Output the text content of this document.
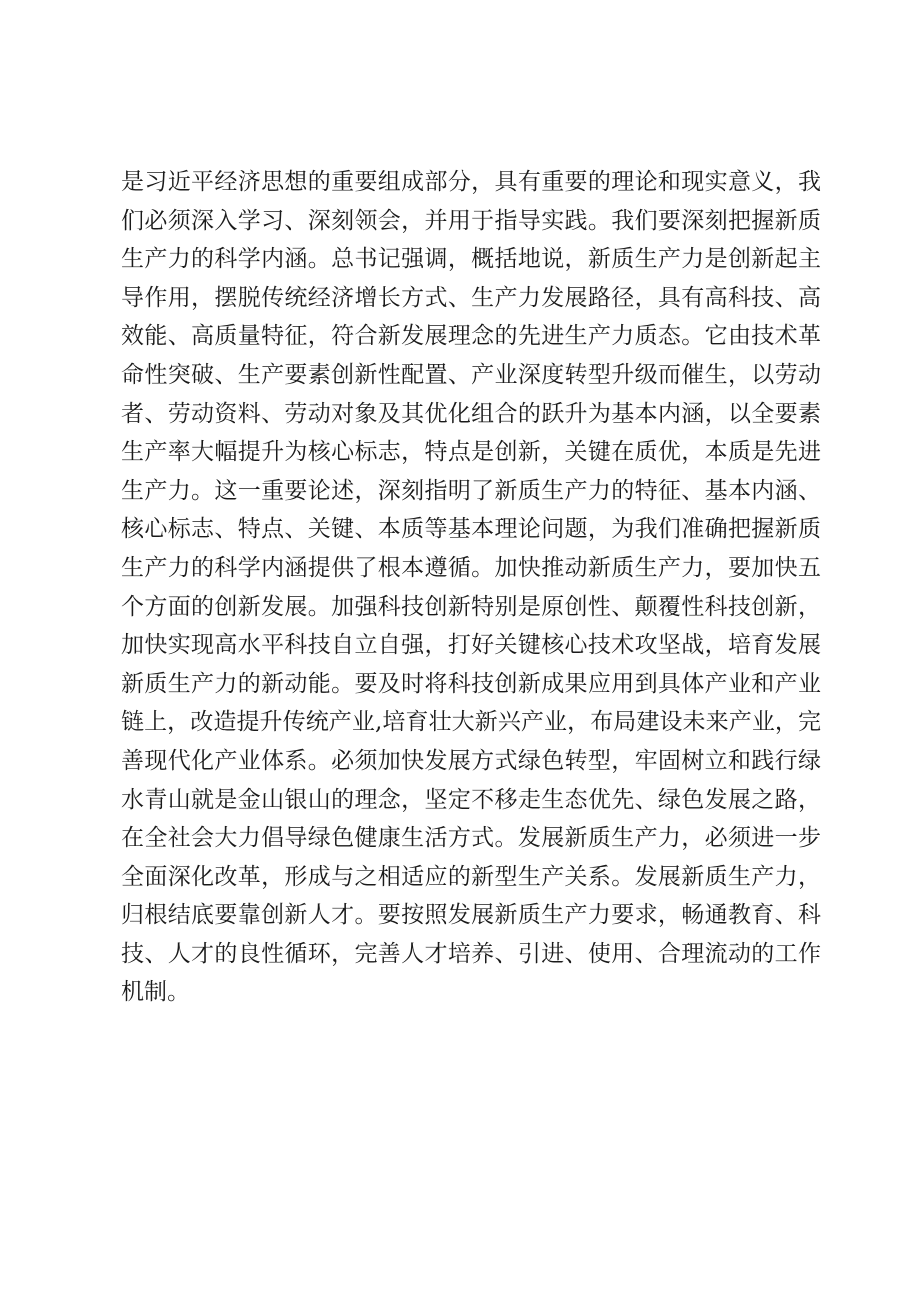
是习近平经济思想的重要组成部分，具有重要的理论和现实意义，我
们必须深入学习、深刻领会，并用于指导实践。我们要深刻把握新质
生产力的科学内涵。总书记强调，概括地说，新质生产力是创新起主
导作用，摆脱传统经济增长方式、生产力发展路径，具有高科技、高
效能、高质量特征，符合新发展理念的先进生产力质态。它由技术革
命性突破、生产要素创新性配置、产业深度转型升级而催生，以劳动
者、劳动资料、劳动对象及其优化组合的跃升为基本内涵，以全要素
生产率大幅提升为核心标志，特点是创新，关键在质优，本质是先进
生产力。这一重要论述，深刻指明了新质生产力的特征、基本内涵、
核心标志、特点、关键、本质等基本理论问题，为我们准确把握新质
生产力的科学内涵提供了根本遵循。加快推动新质生产力，要加快五
个方面的创新发展。加强科技创新特别是原创性、颠覆性科技创新，
加快实现高水平科技自立自强，打好关键核心技术攻坚战，培育发展
新质生产力的新动能。要及时将科技创新成果应用到具体产业和产业
链上，改造提升传统产业,培育壮大新兴产业，布局建设未来产业，完
善现代化产业体系。必须加快发展方式绿色转型，牢固树立和践行绿
水青山就是金山银山的理念，坚定不移走生态优先、绿色发展之路，
在全社会大力倡导绿色健康生活方式。发展新质生产力，必须进一步
全面深化改革，形成与之相适应的新型生产关系。发展新质生产力，
归根结底要靠创新人才。要按照发展新质生产力要求，畅通教育、科
技、人才的良性循环，完善人才培养、引进、使用、合理流动的工作
机制。
